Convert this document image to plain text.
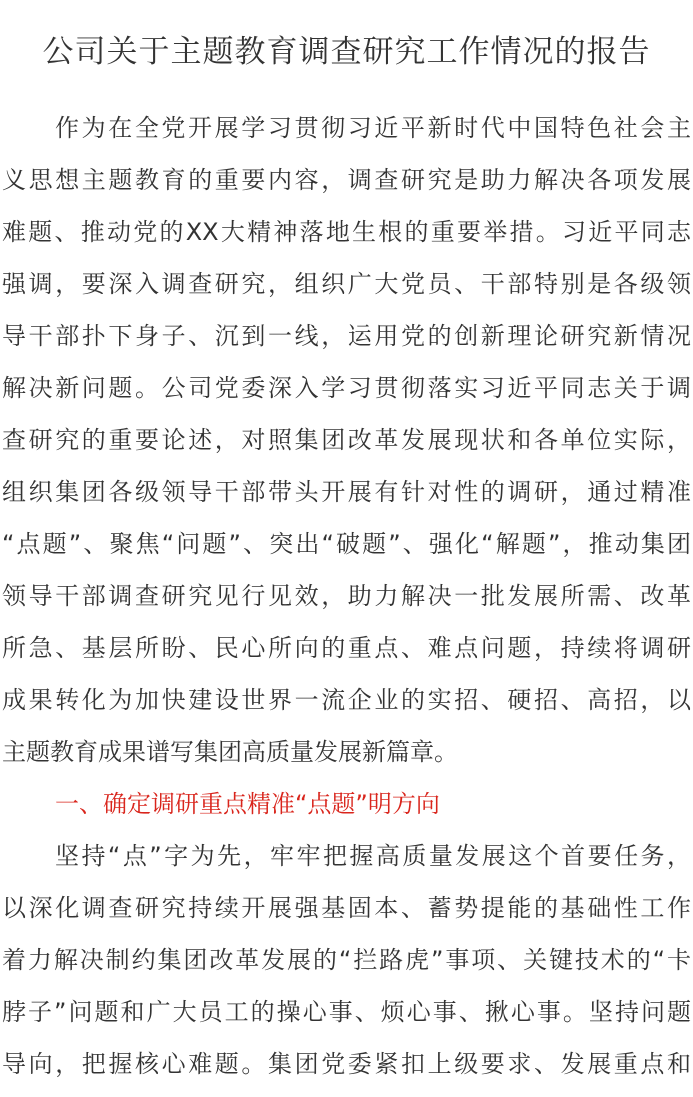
公司关于主题教育调查研究工作情况的报告
作为在全党开展学习贯彻习近平新时代中国特色社会主
义思想主题教育的重要内容，调查研究是助力解决各项发展
难题、推动党的XX大精神落地生根的重要举措。习近平同志
强调，要深入调查研究，组织广大党员、干部特别是各级领
导干部扑下身子、沉到一线，运用党的创新理论研究新情况
解决新问题。公司党委深入学习贯彻落实习近平同志关于调
查研究的重要论述，对照集团改革发展现状和各单位实际，
组织集团各级领导干部带头开展有针对性的调研，通过精准
“点题”、聚焦“问题”、突出“破题”、强化“解题”，推动集团
领导干部调查研究见行见效，助力解决一批发展所需、改革
所急、基层所盼、民心所向的重点、难点问题，持续将调研
成果转化为加快建设世界一流企业的实招、硬招、高招，以
主题教育成果谱写集团高质量发展新篇章。
一、确定调研重点精准“点题”明方向
坚持“点”字为先，牢牢把握高质量发展这个首要任务，
以深化调查研究持续开展强基固本、蓄势提能的基础性工作
着力解决制约集团改革发展的“拦路虎”事项、关键技术的“卡
脖子”问题和广大员工的操心事、烦心事、揪心事。坚持问题
导向，把握核心难题。集团党委紧扣上级要求、发展重点和
